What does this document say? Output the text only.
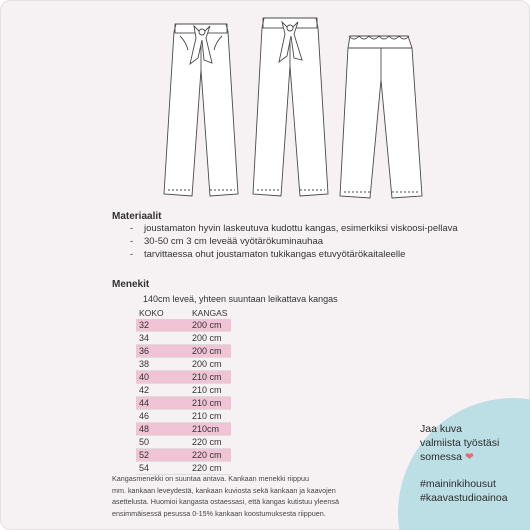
Materiaalit
- joustamaton hyvin laskeutuva kudottu kangas, esimerkiksi viskoosi-pellava
- 30-50 cm 3 cm leveää vyötärökuminauhaa
- tarvittaessa ohut joustamaton tukikangas etuvyötärökaitaleelle
Menekit
140cm leveä, yhteen suuntaan leikattava kangas
KOKO	KANGAS
32	200 cm
34	200 cm
36	200 cm
38	200 cm
40	210 cm
42	210 cm
44	210 cm
46	210 cm
48	210cm
50	220 cm
52	220 cm
54	220 cm
Kangasmenekki on suuntaa antava. Kankaan menekki riippuu
mm. kankaan leveydestä, kankaan kuviosta sekä kankaan ja kaavojen
asettelusta. Huomioi kangasta ostaessasi, että kangas kutistuu yleensä
ensimmäisessä pesussa 0-15% kankaan koostumuksesta riippuen.
Jaa kuva
valmiista työstäsi
somessa ❤
#maininkihousut
#kaavastudioainoa
